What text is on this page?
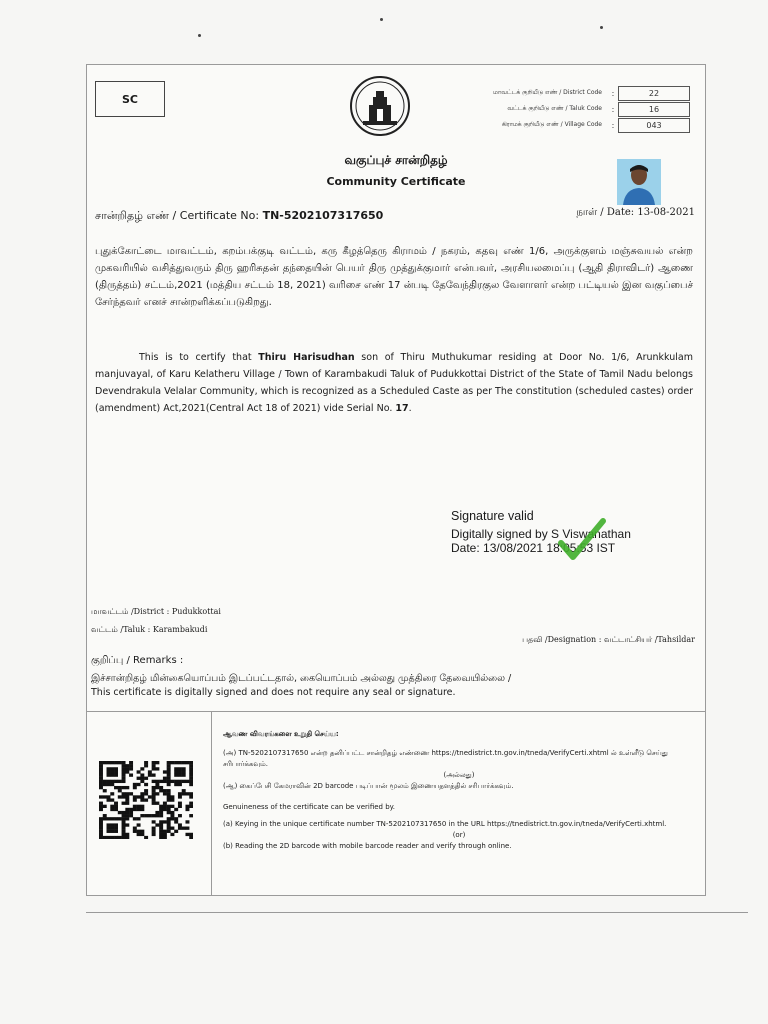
SC	மாவட்டக் குறியீடு எண் / District Code	:	22
வட்டக் குறியீடு எண் / Taluk Code	:	16
கிராமக் குறியீடு எண் / Village Code	:	043
வகுப்புச் சான்றிதழ்
Community Certificate
சான்றிதழ் எண் / Certificate No: TN-5202107317650	நாள் / Date: 13-08-2021
புதுக்கோட்டை மாவட்டம், கறம்பக்குடி வட்டம், கரு கீழத்தெரு கிராமம் / நகரம், கதவு எண் 1/6, அருக்குளம் மஞ்சுவயல் என்ற முகவரியில் வசித்துவரும் திரு ஹரிசுதன் தந்தையின் பெயர் திரு முத்துக்குமார் என்பவர், அரசியலமைப்பு (ஆதி திராவிடர்) ஆணை (திருத்தம்) சட்டம்,2021 (மத்திய சட்டம் 18, 2021) வரிசை எண் 17 ன்படி தேவேந்திரகுல வேளாளர் என்ற பட்டியல் இன வகுப்பைச் சேர்ந்தவர் எனச் சான்றளிக்கப்படுகிறது.
This is to certify that Thiru Harisudhan son of Thiru Muthukumar residing at Door No. 1/6, Arunkkulam manjuvayal, of Karu Kelatheru Village / Town of Karambakudi Taluk of Pudukkottai District of the State of Tamil Nadu belongs Devendrakula Velalar Community, which is recognized as a Scheduled Caste as per The constitution (scheduled castes) order (amendment) Act,2021(Central Act 18 of 2021) vide Serial No. 17.
Signature valid
Digitally signed by S Viswanathan
Date: 13/08/2021 18:05:53 IST
மாவட்டம் /District : Pudukkottai
வட்டம் /Taluk : Karambakudi
பதவி /Designation : வட்டாட்சியர் /Tahsildar
குறிப்பு / Remarks :
இச்சான்றிதழ் மின்கையொப்பம் இடப்பட்டதால், கையொப்பம் அல்லது முத்திரை தேவையில்லை /
This certificate is digitally signed and does not require any seal or signature.
ஆவண விவரங்களை உறுதி செய்ய:
(அ) TN-5202107317650 என்ற தனிப்பட்ட சான்றிதழ் எண்ணை https://tnedistrict.tn.gov.in/tneda/VerifyCerti.xhtml ல் உள்ளீடு செய்து சரிபார்க்கவும்.
(அல்லது)
(ஆ) கைப்பேசி கேமராவின் 2D barcode படிப்பான் மூலம் இணையதளத்தில் சரிபார்க்கவும்.
Genuineness of the certificate can be verified by.
(a) Keying in the unique certificate number TN-5202107317650 in the URL https://tnedistrict.tn.gov.in/tneda/VerifyCerti.xhtml.
(or)
(b) Reading the 2D barcode with mobile barcode reader and verify through online.
